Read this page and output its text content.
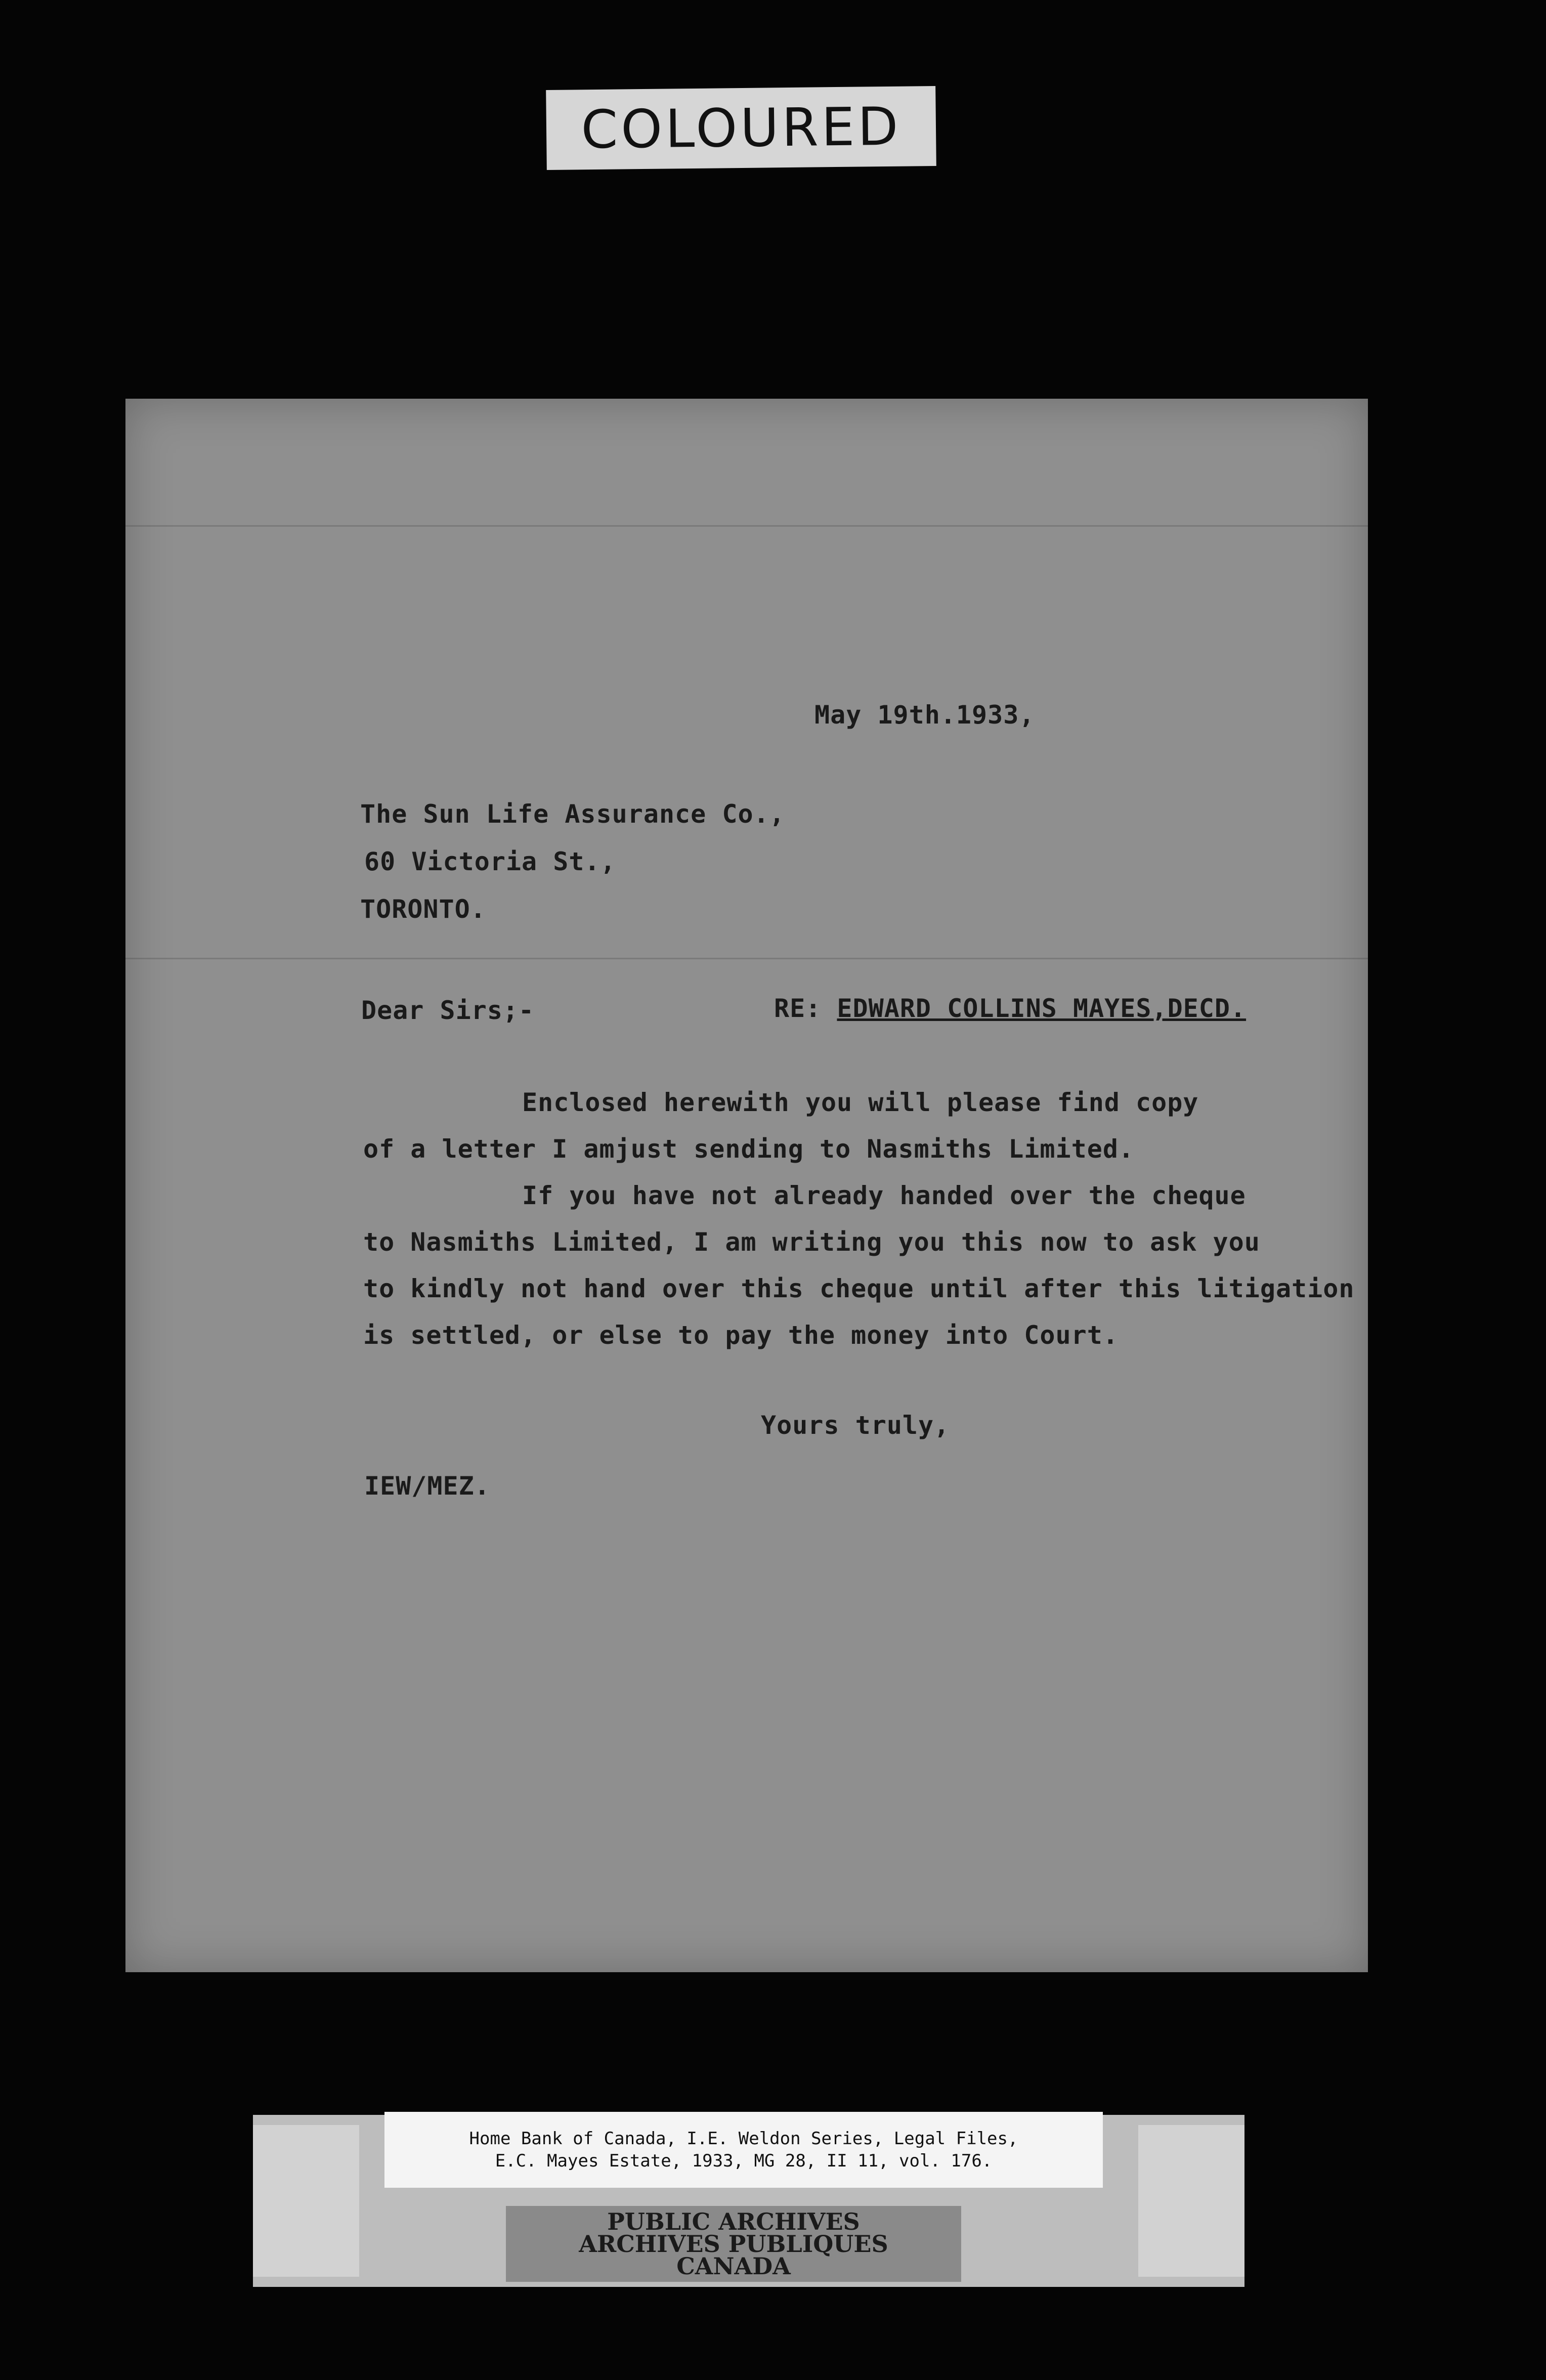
COLOURED
May 19th.1933,
The Sun Life Assurance Co.,
60 Victoria St.,
TORONTO.
Dear Sirs;-	RE: EDWARD COLLINS MAYES,DECD.
Enclosed herewith you will please find copy
of a letter I amjust sending to Nasmiths Limited.
If you have not already handed over the cheque
to Nasmiths Limited, I am writing you this now to ask you
to kindly not hand over this cheque until after this litigation
is settled, or else to pay the money into Court.
Yours truly,
IEW/MEZ.
Home Bank of Canada, I.E. Weldon Series, Legal Files,
E.C. Mayes Estate, 1933, MG 28, II 11, vol. 176.
PUBLIC ARCHIVES
ARCHIVES PUBLIQUES
CANADA
